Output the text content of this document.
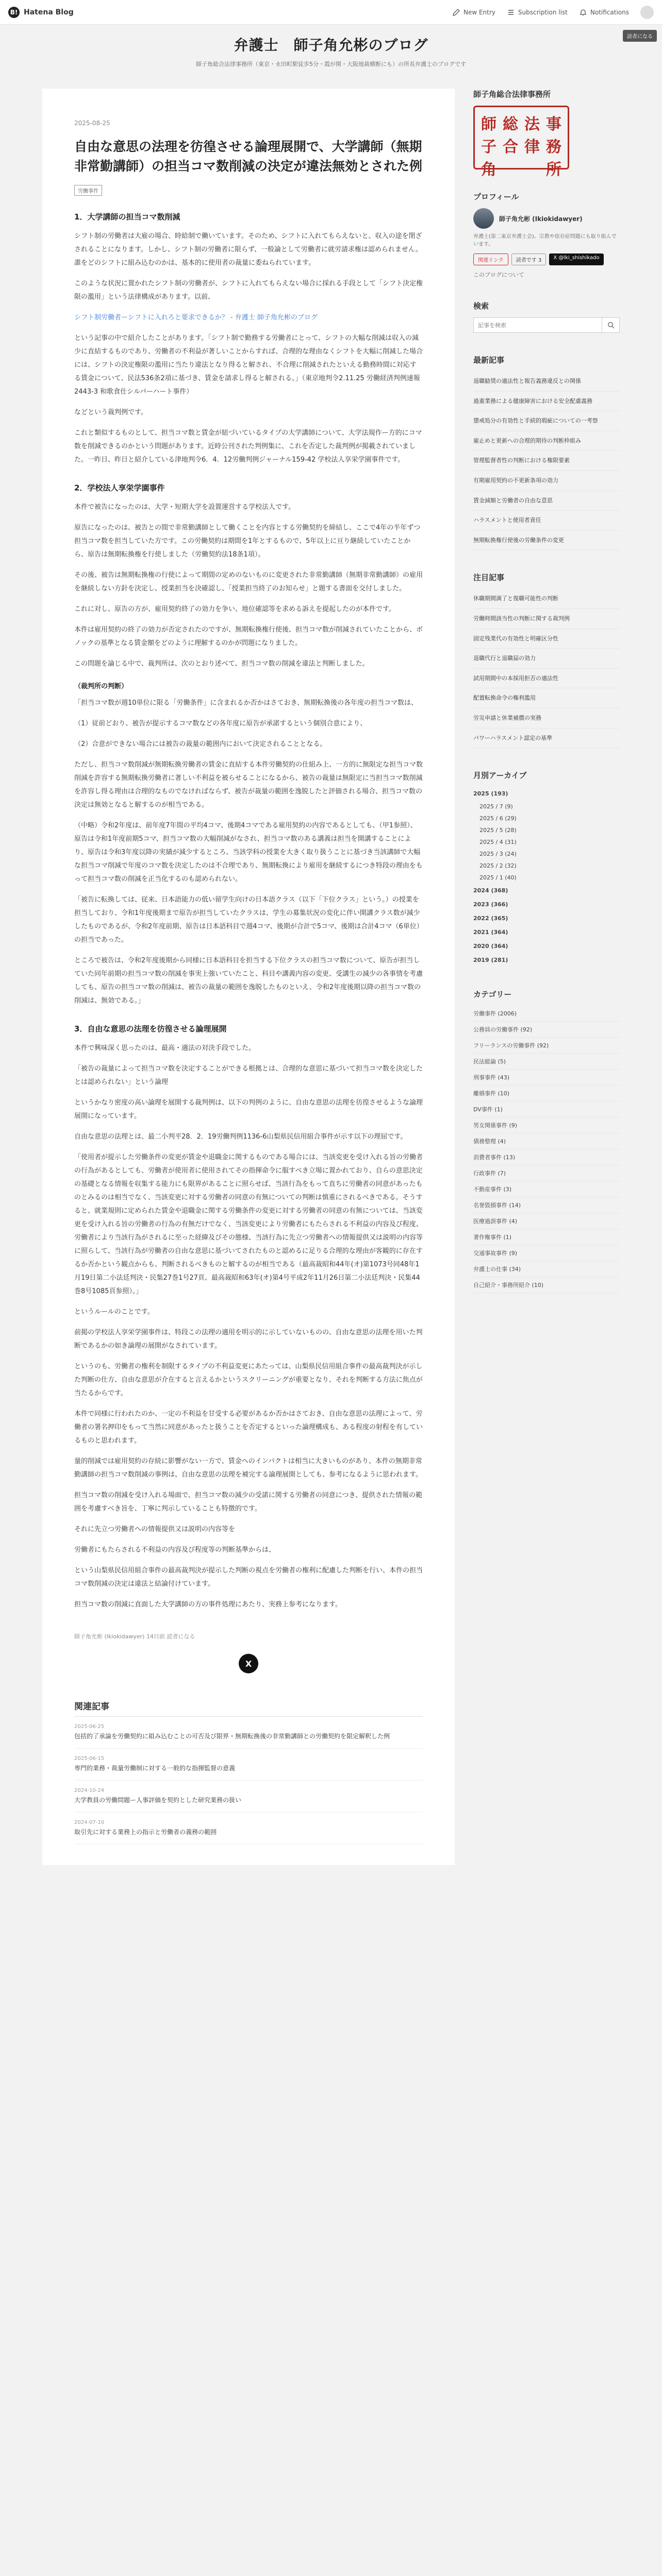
B! Hatena Blog	New Entry	Subscription list	Notifications
読者になる
弁護士　師子角允彬のブログ
師子角総合法律事務所（東京・永田町駅徒歩5分・霞が関・大阪地裁横断にも）の所長弁護士のブログです
2025-08-25
自由な意思の法理を彷徨させる論理展開で、大学講師（無期非常勤講師）の担当コマ数削減の決定が違法無効とされた例
労働事件
1．大学講師の担当コマ数削減

シフト制の労働者は大雇の場合、時給制で働いています。そのため、シフトに入れてもらえないと、収入の途を閉ざされることになります。しかし、シフト制の労働者に限らず、一般論として労働者に就労請求権は認められません。誰をどのシフトに組み込むのかは、基本的に使用者の裁量に委ねられています。

このような状況に置かれたシフト制の労働者が、シフトに入れてもらえない場合に採れる手段として「シフト決定権限の濫用」という法律構成があります。以前、

シフト制労働者ーシフトに入れろと要求できるか？ - 弁護士 師子角允彬のブログ

という記事の中で紹介したことがあります。「シフト制で勤務する労働者にとって、シフトの大幅な削減は収入の減少に直結するものであり、労働者の不利益が著しいことからすれば、合理的な理由なくシフトを大幅に削減した場合には、シフトの決定権限の濫用に当たり違法となり得ると解され、不合理に削減されたといえる勤務時間に対応する賃金について、民法536条2項に基づき、賃金を請求し得ると解される。」（東京地判令2.11.25 労働経済判例速報2443-3 和歌食仕シルバーハート事件）

などという裁判例です。

これと類似するものとして、担当コマ数と賃金が紐づいているタイプの大学講師について、大学法規作ー方的にコマ数を削減できるのかという問題があります。近時公刊された判例集に、これを否定した裁判例が掲載されていました。一昨日、昨日と紹介している津地判令6．4．12労働判例ジャーナル159-42 学校法人享栄学園事件です。

2．学校法人享栄学園事件

本件で被告になったのは、大学・短期大学を設置運営する学校法人です。

原告になったのは、被告との間で非常勤講師として働くことを内容とする労働契約を締結し、ここで4年の半年ずつ担当コマ数を担当していた方です。この労働契約は期間を1年とするもので、5年以上に亘り継続していたことから、原告は無期転換権を行使しました（労働契約法18条1項）。

その後、被告は無期転換権の行使によって期間の定めのないものに変更された非常勤講師（無期非常勤講師）の雇用を継続しない方針を決定し、授業担当を決確認し、「授業担当終了のお知らせ」と題する書面を交付しました。

これに対し、原告の方が、雇用契約終了の効力を争い、地位確認等を求める訴えを提起したのが本件です。

本件は雇用契約の終了の効力が否定されたのですが、無期転換権行使後、担当コマ数が削減されていたことから、ボノックの基準となる賃金額をどのように理解するのかが問題になりました。

この問題を論じる中で、裁判所は、次のとおり述べて、担当コマ数の削減を違法と判断しました。

（裁判所の判断）

「担当コマ数が週10単位に限る「労働条件」に含まれるか否かはさておき、無期転換後の各年度の担当コマ数は、

（1）従前どおり、被告が提示するコマ数などの各年度に原告が承諾するという個別合意により、

（2）合意ができない場合には被告の裁量の範囲内において決定されることとなる。

ただし、担当コマ数削減が無期転換労働者の賃金に直結する本件労働契約の仕組み上、一方的に無限定な担当コマ数削減を許容する無期転換労働者に著しい不利益を被らせることになるから、被告の裁量は無限定に当担当コマ数削減を許容し得る理由は合理的なものでなければならず、被告が裁量の範囲を逸脱したと評価される場合、担当コマ数の決定は無効となると解するのが相当である。

（中略）令和2年度は、前年度7年間の平均4コマ、後期4コマである雇用契約の内容であるとしても、（甲1参照）、原告は令和1年度前期5コマ、担当コマ数の大幅削減がなされ、担当コマ数のある講義は担当を開講することにより、原告は令和3年度以降の実績が減少するところ、当該学科の授業を大きく取り扱うことに基づき当該講師で大幅な担当コマ削減で年度のコマ数を決定したのは不合理であり、無期転換により雇用を継続するにつき特段の理由をもって担当コマ数の削減を正当化するのも認められない。

「被告に転換しては、従来、日本語能力の低い留学生向けの日本語クラス（以下「下位クラス」という。）の授業を担当しており、令和1年度後期まで原告が担当していたクラスは、学生の募集状況の変化に伴い開講クラス数が減少したものであるが、令和2年度前期、原告は日本語科目で週4コマ、後期が合計で5コマ、後期は合計4コマ（6単位）の担当であった。

ところで被告は、令和2年度後期から同様に日本語科目を担当する下位クラスの担当コマ数について、原告が担当していた同年前期の担当コマ数の削減を事実上強いていたこと、科目や講義内容の変更、受講生の減少の各事情を考慮しても、原告の担当コマ数の削減は、被告の裁量の範囲を逸脱したものといえ、令和2年度後期以降の担当コマ数の削減は、無効である。」

3．自由な意思の法理を彷徨させる論理展開

本件で興味深く思ったのは、最高・適法の対決手段でした。

「被告の裁量によって担当コマ数を決定することができる根拠とは、合理的な意思に基づいて担当コマ数を決定したとは認められない」という論理

というかなり密度の高い論理を展開する裁判例は、以下の判例のように、自由な意思の法理を彷徨させるような論理展開になっています。

自由な意思の法理とは、最二小判平28．2．19労働判例1136-6山梨県民信用組合事件が示す以下の理屈です。

「使用者が提示した労働条件の変更が賃金や退職金に関するものである場合には、当該変更を受け入れる旨の労働者の行為があるとしても、労働者が使用者に使用されてその指揮命令に服すべき立場に置かれており、自らの意思決定の基礎となる情報を収集する能力にも限界があることに照らせば、当該行為をもって直ちに労働者の同意があったものとみるのは相当でなく、当該変更に対する労働者の同意の有無についての判断は慎重にされるべきである。そうすると、就業規則に定められた賃金や退職金に関する労働条件の変更に対する労働者の同意の有無については、当該変更を受け入れる旨の労働者の行為の有無だけでなく、当該変更により労働者にもたらされる不利益の内容及び程度、労働者により当該行為がされるに至った経緯及びその態様、当該行為に先立つ労働者への情報提供又は説明の内容等に照らして、当該行為が労働者の自由な意思に基づいてされたものと認めるに足りる合理的な理由が客観的に存在するか否かという観点からも、判断されるべきものと解するのが相当である（最高裁昭和44年(オ)第1073号同48年1月19日第二小法廷判決・民集27巻1号27頁、最高裁昭和63年(オ)第4号平成2年11月26日第二小法廷判決・民集44巻8号1085頁参照）。」

というルールのことです。

前掲の学校法人享栄学園事件は、特段この法理の適用を明示的に示していないものの、自由な意思の法理を用いた判断であるかの如き論理の展開がなされています。

というのも、労働者の権利を制限するタイプの不利益変更にあたっては、山梨県民信用組合事件の最高裁判決が示した判断の仕方、自由な意思が介在すると言えるかというスクリーニングが重要となり、それを判断する方法に焦点が当たるからです。

本件で同様に行われたのか、一定の不利益を甘受する必要があるか否かはさておき、自由な意思の法理によって、労働者の署名押印をもって当然に同意があったと扱うことを否定するといった論理構成も、ある程度の射程を有しているものと思われます。

量的削減では雇用契約の存続に影響がない一方で、賃金へのインパクトは相当に大きいものがあり、本件の無期非常勤講師の担当コマ数削減の事例は、自由な意思の法理を補完する論理展開としても、参考になるように思われます。

担当コマ数の削減を受け入れる場面で、担当コマ数の減少の受諾に関する労働者の同意につき、提供された情報の範囲を考慮すべき旨を、丁寧に判示していることも特徴的です。

それに先立つ労働者への情報提供又は説明の内容等を

労働者にもたらされる不利益の内容及び程度等の判断基準からは、

という山梨県民信用組合事件の最高裁判決が提示した判断の視点を労働者の権利に配慮した判断を行い、本件の担当コマ数削減の決定は違法と結論付けています。

担当コマ数の削減に直面した大学講師の方の事件処理にあたり、実務上参考になります。

師子角允彬 (Ikiokidawyer) 14日前 読者になる
X
関連記事
2025-06-25
包括的了承論を労働契約に組み込むことの可否及び限界・無期転換後の非常勤講師との労働契約を限定解釈した例
2025-06-15
専門的業務・裁量労働制に対する一般的な指揮監督の意義
2024-10-24
大学教員の労働問題ー人事評価を契約とした研究業務の扱い
2024-07-10
取引先に対する業務上の指示と労働者の義務の範囲
師子角総合法律事務所
師 総 法 事
子 合 律 務
角	所
プロフィール
師子角允彬 (Ikiokidawyer)
弁護士(第二東京弁護士会)。宗教や依存症問題にも取り組んでいます。
関連リンク	読者です 3	X @lki_shishikado
このブログについて
検索
記事を検索
最新記事
退職勧奨の適法性と報告義務違反との関係
過重業務による健康障害における安全配慮義務
懲戒処分の有効性と手続的瑕疵についての一考察
雇止めと更新への合理的期待の判断枠組み
管理監督者性の判断における権限要素
有期雇用契約の不更新条項の効力
賃金減額と労働者の自由な意思
ハラスメントと使用者責任
無期転換権行使後の労働条件の変更
注目記事
休職期間満了と復職可能性の判断
労働時間該当性の判断に関する裁判例
固定残業代の有効性と明確区分性
退職代行と退職届の効力
試用期間中の本採用拒否の適法性
配置転換命令の権利濫用
労災申請と休業補償の実務
パワーハラスメント認定の基準
月別アーカイブ
2025 (193)
2025 / 7 (9)
2025 / 6 (29)
2025 / 5 (28)
2025 / 4 (31)
2025 / 3 (24)
2025 / 2 (32)
2025 / 1 (40)
2024 (368)
2023 (366)
2022 (365)
2021 (364)
2020 (364)
2019 (281)
カテゴリー
労働事件 (2006)
公務員の労働事件 (92)
フリーランスの労働事件 (92)
民法総論 (5)
刑事事件 (43)
離婚事件 (10)
DV事件 (1)
男女関係事件 (9)
債務整理 (4)
消費者事件 (13)
行政事件 (7)
不動産事件 (3)
名誉毀損事件 (14)
医療過誤事件 (4)
著作権事件 (1)
交通事故事件 (9)
弁護士の仕事 (34)
自己紹介・事務所紹介 (10)
